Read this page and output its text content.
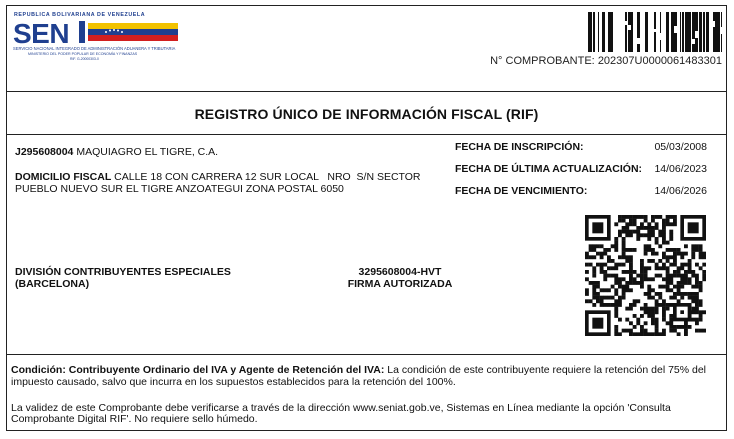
REPUBLICA BOLIVARIANA DE VENEZUELA
SEN
SERVICIO NACIONAL INTEGRADO DE ADMINISTRACIÓN ADUANERA Y TRIBUTARIA
MINISTERIO DEL PODER POPULAR DE ECONOMÍA Y FINANZAS
RIF. G-20000303-0	N° COMPROBANTE: 202307U0000061483301
REGISTRO ÚNICO DE INFORMACIÓN FISCAL (RIF)
J295608004 MAQUIAGRO EL TIGRE, C.A.
DOMICILIO FISCAL CALLE 18 CON CARRERA 12 SUR LOCAL   NRO  S/N SECTOR
PUEBLO NUEVO SUR EL TIGRE ANZOATEGUI ZONA POSTAL 6050
FECHA DE INSCRIPCIÓN:	05/03/2008
FECHA DE ÚLTIMA ACTUALIZACIÓN: 14/06/2023
FECHA DE VENCIMIENTO:	14/06/2026
DIVISIÓN CONTRIBUYENTES ESPECIALES
(BARCELONA)
3295608004-HVT
FIRMA AUTORIZADA
Condición: Contribuyente Ordinario del IVA y Agente de Retención del IVA: La condición de este contribuyente requiere la retención del 75% del impuesto causado, salvo que incurra en los supuestos establecidos para la retención del 100%.
La validez de este Comprobante debe verificarse a través de la dirección www.seniat.gob.ve, Sistemas en Línea mediante la opción 'Consulta Comprobante Digital RIF'. No requiere sello húmedo.
